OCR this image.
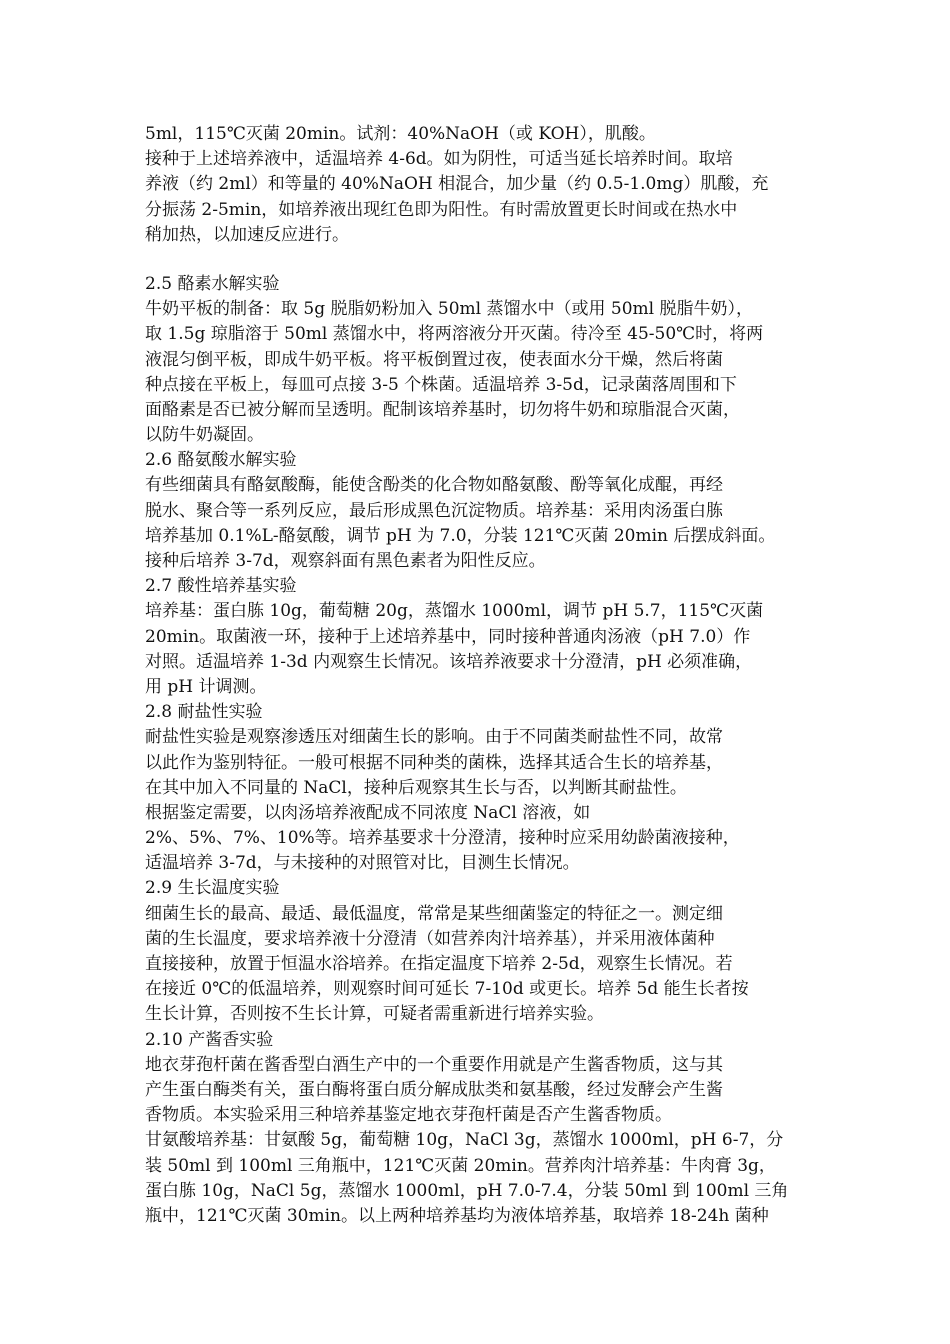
5ml，115℃灭菌 20min。试剂：40%NaOH（或 KOH），肌酸。
接种于上述培养液中，适温培养 4-6d。如为阴性，可适当延长培养时间。取培
养液（约 2ml）和等量的 40%NaOH 相混合，加少量（约 0.5-1.0mg）肌酸，充
分振荡 2-5min，如培养液出现红色即为阳性。有时需放置更长时间或在热水中
稍加热，以加速反应进行。
2.5 酪素水解实验
牛奶平板的制备：取 5g 脱脂奶粉加入 50ml 蒸馏水中（或用 50ml 脱脂牛奶），
取 1.5g 琼脂溶于 50ml 蒸馏水中，将两溶液分开灭菌。待冷至 45-50℃时，将两
液混匀倒平板，即成牛奶平板。将平板倒置过夜，使表面水分干燥，然后将菌
种点接在平板上，每皿可点接 3-5 个株菌。适温培养 3-5d，记录菌落周围和下
面酪素是否已被分解而呈透明。配制该培养基时，切勿将牛奶和琼脂混合灭菌，
以防牛奶凝固。
2.6 酪氨酸水解实验
有些细菌具有酪氨酸酶，能使含酚类的化合物如酪氨酸、酚等氧化成醌，再经
脱水、聚合等一系列反应，最后形成黑色沉淀物质。培养基：采用肉汤蛋白胨
培养基加 0.1%L-酪氨酸，调节 pH 为 7.0，分装 121℃灭菌 20min 后摆成斜面。
接种后培养 3-7d，观察斜面有黑色素者为阳性反应。
2.7 酸性培养基实验
培养基：蛋白胨 10g，葡萄糖 20g，蒸馏水 1000ml，调节 pH 5.7，115℃灭菌
20min。取菌液一环，接种于上述培养基中，同时接种普通肉汤液（pH 7.0）作
对照。适温培养 1-3d 内观察生长情况。该培养液要求十分澄清，pH 必须准确，
用 pH 计调测。
2.8 耐盐性实验
耐盐性实验是观察渗透压对细菌生长的影响。由于不同菌类耐盐性不同，故常
以此作为鉴别特征。一般可根据不同种类的菌株，选择其适合生长的培养基，
在其中加入不同量的 NaCl，接种后观察其生长与否，以判断其耐盐性。
根据鉴定需要，以肉汤培养液配成不同浓度 NaCl 溶液，如
2%、5%、7%、10%等。培养基要求十分澄清，接种时应采用幼龄菌液接种，
适温培养 3-7d，与未接种的对照管对比，目测生长情况。
2.9 生长温度实验
细菌生长的最高、最适、最低温度，常常是某些细菌鉴定的特征之一。测定细
菌的生长温度，要求培养液十分澄清（如营养肉汁培养基），并采用液体菌种
直接接种，放置于恒温水浴培养。在指定温度下培养 2-5d，观察生长情况。若
在接近 0℃的低温培养，则观察时间可延长 7-10d 或更长。培养 5d 能生长者按
生长计算，否则按不生长计算，可疑者需重新进行培养实验。
2.10 产酱香实验
地衣芽孢杆菌在酱香型白酒生产中的一个重要作用就是产生酱香物质，这与其
产生蛋白酶类有关，蛋白酶将蛋白质分解成肽类和氨基酸，经过发酵会产生酱
香物质。本实验采用三种培养基鉴定地衣芽孢杆菌是否产生酱香物质。
甘氨酸培养基：甘氨酸 5g，葡萄糖 10g，NaCl 3g，蒸馏水 1000ml，pH 6-7，分
装 50ml 到 100ml 三角瓶中，121℃灭菌 20min。营养肉汁培养基：牛肉膏 3g，
蛋白胨 10g，NaCl 5g，蒸馏水 1000ml，pH 7.0-7.4，分装 50ml 到 100ml 三角
瓶中，121℃灭菌 30min。以上两种培养基均为液体培养基，取培养 18-24h 菌种
